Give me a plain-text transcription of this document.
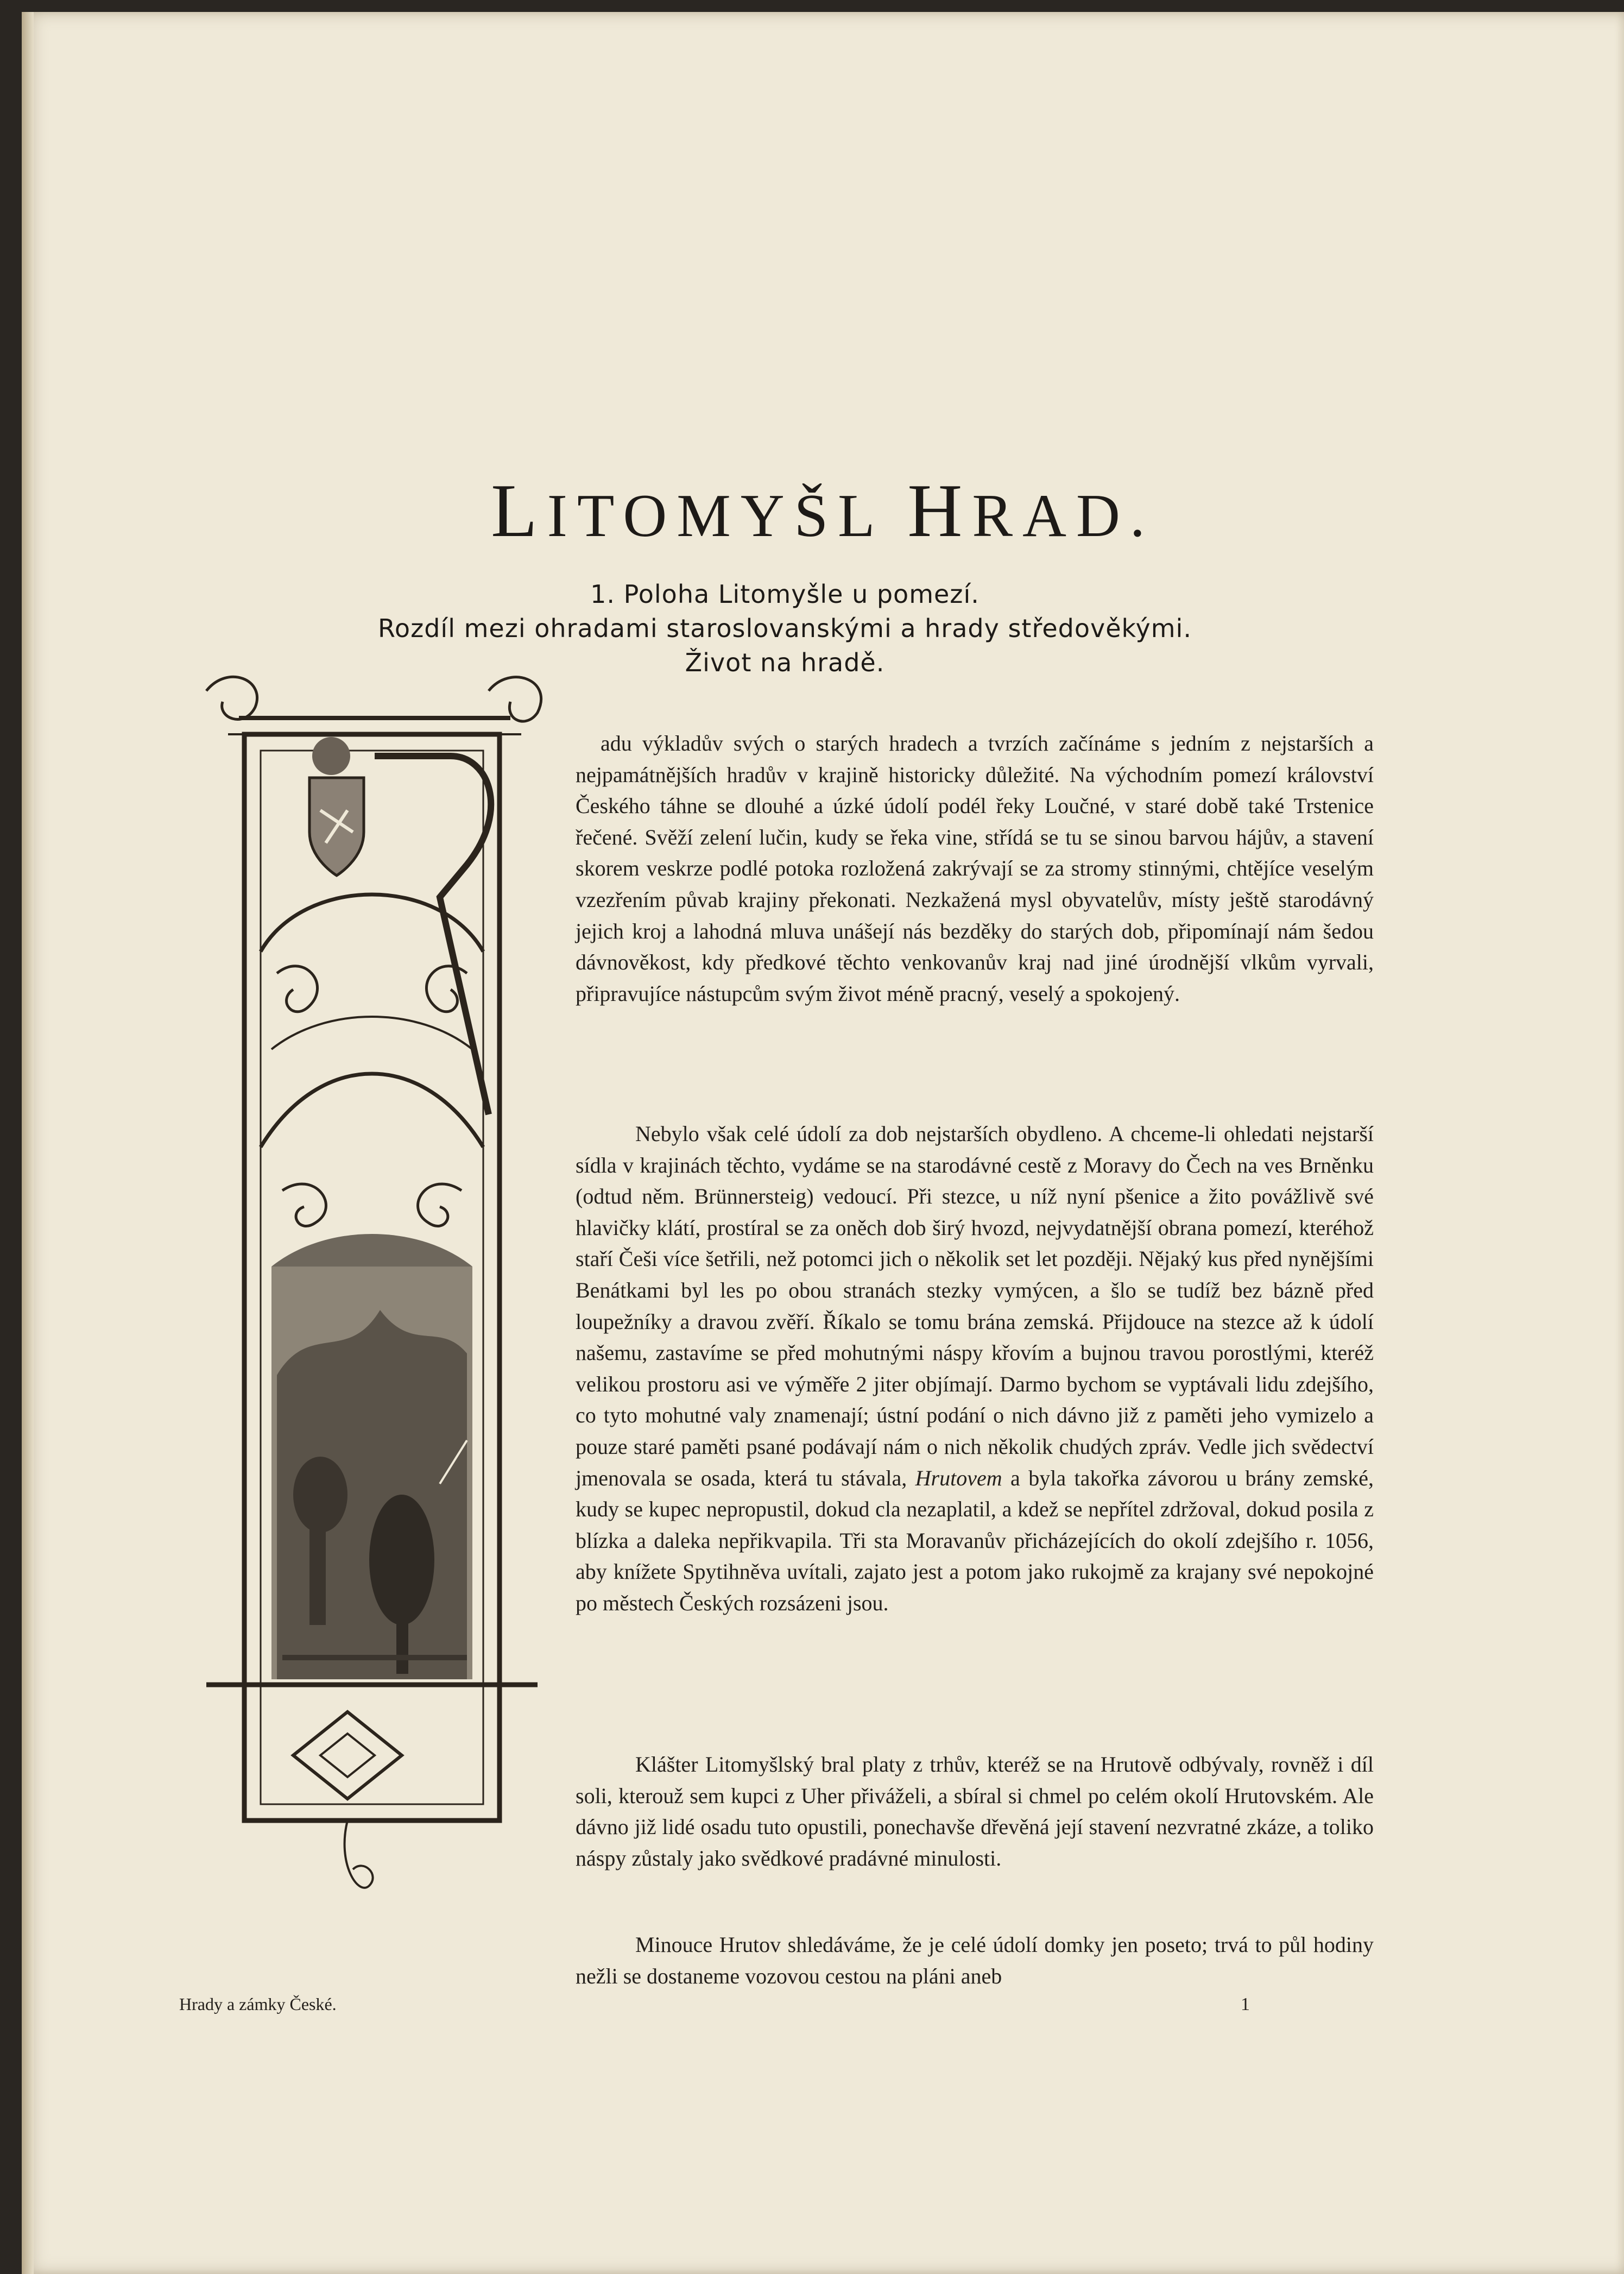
LITOMYŠL HRAD.
1. Poloha Litomyšle u pomezí.
Rozdíl mezi ohradami staroslovanskými a hrady středověkými.
Život na hradě.

adu výkladův svých o starých hradech a tvrzích začínáme s jedním z nejstarších a nejpamátnějších hradův v krajině historicky důležité. Na východním pomezí království Českého táhne se dlouhé a úzké údolí podél řeky Loučné, v staré době také Trstenice řečené. Svěží zelení lučin, kudy se řeka vine, střídá se tu se sinou barvou hájův, a stavení skorem veskrze podlé potoka rozložená zakrývají se za stromy stinnými, chtějíce veselým vzezřením půvab krajiny překonati. Nezkažená mysl obyvatelův, místy ještě starodávný jejich kroj a lahodná mluva unášejí nás bezděky do starých dob, připomínají nám šedou dávnověkost, kdy předkové těchto venkovanův kraj nad jiné úrodnější vlkům vyrvali, připravujíce nástupcům svým život méně pracný, veselý a spokojený.

Nebylo však celé údolí za dob nejstarších obydleno. A chceme-li ohledati nejstarší sídla v krajinách těchto, vydáme se na starodávné cestě z Moravy do Čech na ves Brněnku (odtud něm. Brünnersteig) vedoucí. Při stezce, u níž nyní pšenice a žito povážlivě své hlavičky klátí, prostíral se za oněch dob širý hvozd, nejvydatnější obrana pomezí, kteréhož staří Češi více šetřili, než potomci jich o několik set let později. Nějaký kus před nynějšími Benátkami byl les po obou stranách stezky vymýcen, a šlo se tudíž bez bázně před loupežníky a dravou zvěří. Říkalo se tomu brána zemská. Přijdouce na stezce až k údolí našemu, zastavíme se před mohutnými náspy křovím a bujnou travou porostlými, kteréž velikou prostoru asi ve výměře 2 jiter objímají. Darmo bychom se vyptávali lidu zdejšího, co tyto mohutné valy znamenají; ústní podání o nich dávno již z paměti jeho vymizelo a pouze staré paměti psané podávají nám o nich několik chudých zpráv. Vedle jich svědectví jmenovala se osada, která tu stávala, Hrutovem a byla takořka závorou u brány zemské, kudy se kupec nepropustil, dokud cla nezaplatil, a kdež se nepřítel zdržoval, dokud posila z blízka a daleka nepřikvapila. Tři sta Moravanův přicházejících do okolí zdejšího r. 1056, aby knížete Spytihněva uvítali, zajato jest a potom jako rukojmě za krajany své nepokojné po městech Českých rozsázeni jsou.

Klášter Litomyšlský bral platy z trhův, kteréž se na Hrutově odbývaly, rovněž i díl soli, kterouž sem kupci z Uher přiváželi, a sbíral si chmel po celém okolí Hrutovském. Ale dávno již lidé osadu tuto opustili, ponechavše dřevěná její stavení nezvratné zkáze, a toliko náspy zůstaly jako svědkové pradávné minulosti.

Minouce Hrutov shledáváme, že je celé údolí domky jen poseto; trvá to půl hodiny nežli se dostaneme vozovou cestou na pláni aneb

Hrady a zámky České.	1
